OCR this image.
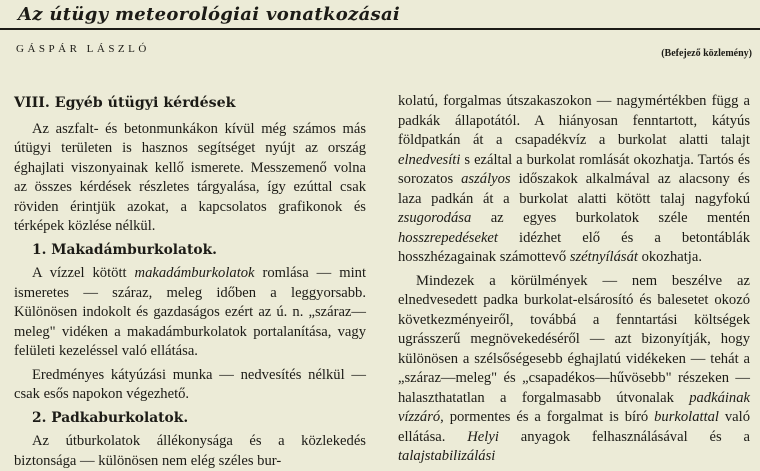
Az útügy meteorológiai vonatkozásai
GÁSPÁR LÁSZLÓ	(Befejező közlemény)
VIII. Egyéb útügyi kérdések

Az aszfalt- és betonmunkákon kívül még számos más útügyi területen is hasznos segítséget nyújt az ország éghajlati viszonyainak kellő ismerete. Messzemenő volna az összes kérdések részletes tárgyalása, így ezúttal csak röviden érintjük azokat, a kapcsolatos grafikonok és térképek közlése nélkül.

1. Makadámburkolatok.

A vízzel kötött makadámburkolatok romlása — mint ismeretes — száraz, meleg időben a leggyorsabb. Különösen indokolt és gazdaságos ezért az ú. n. „száraz—meleg" vidéken a makadámburkolatok portalanítása, vagy felületi kezeléssel való ellátása.

Eredményes kátyúzási munka — nedvesítés nélkül — csak esős napokon végezhető.

2. Padkaburkolatok.

Az útburkolatok állékonysága és a közlekedés biztonsága — különösen nem elég széles bur-

kolatú, forgalmas útszakaszokon — nagymértékben függ a padkák állapotától. A hiányosan fenntartott, kátyús földpatkán át a csapadékvíz a burkolat alatti talajt elnedvesíti s ezáltal a burkolat romlását okozhatja. Tartós és sorozatos aszályos időszakok alkalmával az alacsony és laza padkán át a burkolat alatti kötött talaj nagyfokú zsugorodása az egyes burkolatok széle mentén hosszrepedéseket idézhet elő és a betontáblák hosszhézagainak számottevő szétnyílását okozhatja.

Mindezek a körülmények — nem beszélve az elnedvesedett padka burkolat-elsárosító és balesetet okozó következményeiről, továbbá a fenntartási költségek ugrásszerű megnövekedéséről — azt bizonyítják, hogy különösen a szélsőségesebb éghajlatú vidékeken — tehát a „száraz—meleg" és „csapadékos—hűvösebb" részeken — halaszthatatlan a forgalmasabb útvonalak padkáinak vízzáró, pormentes és a forgalmat is bíró burkolattal való ellátása. Helyi anyagok felhasználásával és a talajstabilizálási
